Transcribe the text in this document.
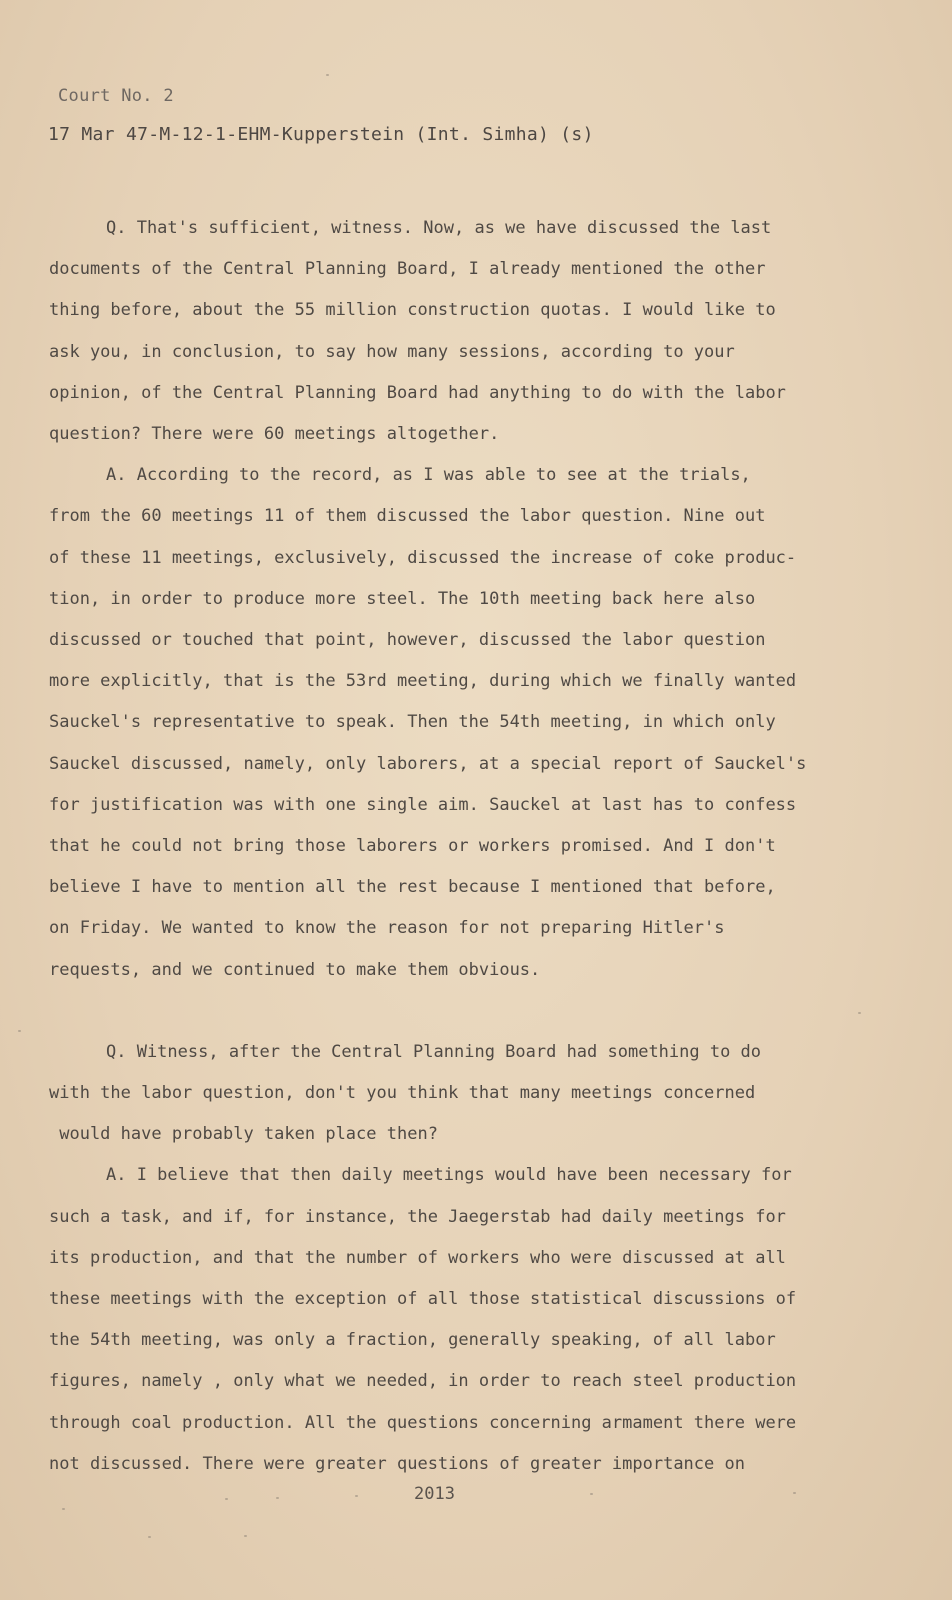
Court No. 2
17 Mar 47-M-12-1-EHM-Kupperstein (Int. Simha) (s)
Q. That's sufficient, witness. Now, as we have discussed the last
documents of the Central Planning Board, I already mentioned the other
thing before, about the 55 million construction quotas. I would like to
ask you, in conclusion, to say how many sessions, according to your
opinion, of the Central Planning Board had anything to do with the labor
question? There were 60 meetings altogether.
A. According to the record, as I was able to see at the trials,
from the 60 meetings 11 of them discussed the labor question. Nine out
of these 11 meetings, exclusively, discussed the increase of coke produc-
tion, in order to produce more steel. The 10th meeting back here also
discussed or touched that point, however, discussed the labor question
more explicitly, that is the 53rd meeting, during which we finally wanted
Sauckel's representative to speak. Then the 54th meeting, in which only
Sauckel discussed, namely, only laborers, at a special report of Sauckel's
for justification was with one single aim. Sauckel at last has to confess
that he could not bring those laborers or workers promised. And I don't
believe I have to mention all the rest because I mentioned that before,
on Friday. We wanted to know the reason for not preparing Hitler's
requests, and we continued to make them obvious.
Q. Witness, after the Central Planning Board had something to do
with the labor question, don't you think that many meetings concerned
would have probably taken place then?
A. I believe that then daily meetings would have been necessary for
such a task, and if, for instance, the Jaegerstab had daily meetings for
its production, and that the number of workers who were discussed at all
these meetings with the exception of all those statistical discussions of
the 54th meeting, was only a fraction, generally speaking, of all labor
figures, namely , only what we needed, in order to reach steel production
through coal production. All the questions concerning armament there were
not discussed. There were greater questions of greater importance on
2013
